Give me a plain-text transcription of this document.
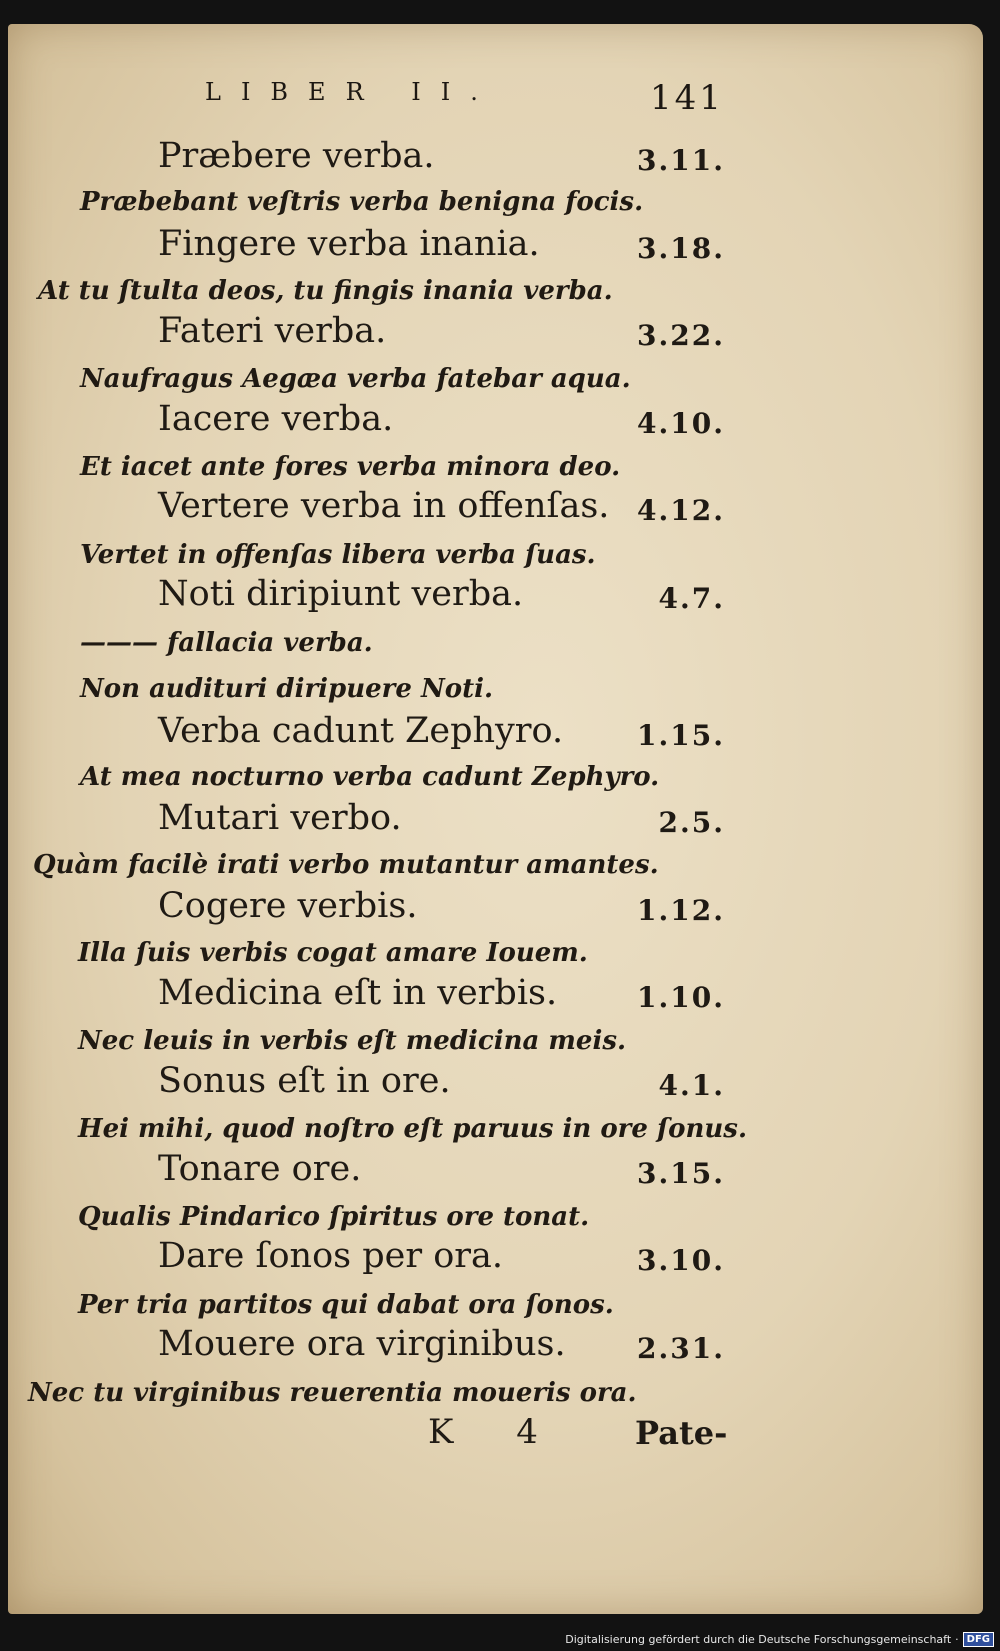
LIBER II.	141
Præbere verba.	3.11.
Præbebant veſtris verba benigna focis.
Fingere verba inania.	3.18.
At tu ſtulta deos, tu fingis inania verba.
Fateri verba.	3.22.
Naufragus Aegæa verba fatebar aqua.
Iacere verba.	4.10.
Et iacet ante fores verba minora deo.
Vertere verba in offenſas. 4.12.
Vertet in offenſas libera verba ſuas.
Noti diripiunt verba.	4.7.
——— fallacia verba.
Non audituri diripuere Noti.
Verba cadunt Zephyro.	1.15.
At mea nocturno verba cadunt Zephyro.
Mutari verbo.	2.5.
Quàm facilè irati verbo mutantur amantes.
Cogere verbis.	1.12.
Illa ſuis verbis cogat amare Iouem.
Medicina eſt in verbis.	1.10.
Nec leuis in verbis eſt medicina meis.
Sonus eſt in ore.	4.1.
Hei mihi, quod noſtro eſt paruus in ore ſonus.
Tonare ore.	3.15.
Qualis Pindarico ſpiritus ore tonat.
Dare ſonos per ora.	3.10.
Per tria partitos qui dabat ora ſonos.
Mouere ora virginibus.	2.31.
Nec tu virginibus reuerentia moueris ora.
K 4 Pate-
Digitalisierung gefördert durch die Deutsche Forschungsgemeinschaft · DFG
